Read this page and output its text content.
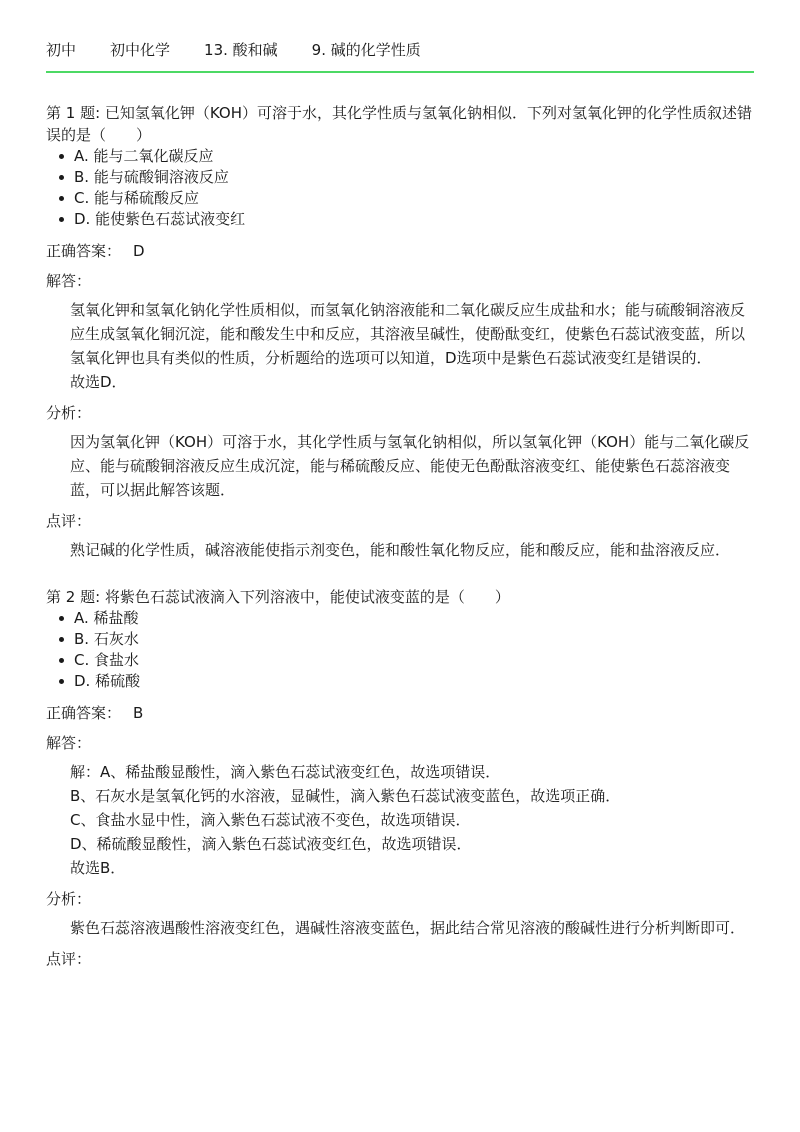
初中 初中化学 13. 酸和碱 9. 碱的化学性质
第 1 题: 已知氢氧化钾（KOH）可溶于水，其化学性质与氢氧化钠相似．下列对氢氧化钾的化学性质叙述错误的是（　　）
A. 能与二氧化碳反应
B. 能与硫酸铜溶液反应
C. 能与稀硫酸反应
D. 能使紫色石蕊试液变红
正确答案： D
解答：

氢氧化钾和氢氧化钠化学性质相似，而氢氧化钠溶液能和二氧化碳反应生成盐和水；能与硫酸铜溶液反应生成氢氧化铜沉淀，能和酸发生中和反应，其溶液呈碱性，使酚酞变红，使紫色石蕊试液变蓝，所以氢氧化钾也具有类似的性质，分析题给的选项可以知道，D选项中是紫色石蕊试液变红是错误的．

故选D．

分析：

因为氢氧化钾（KOH）可溶于水，其化学性质与氢氧化钠相似，所以氢氧化钾（KOH）能与二氧化碳反应、能与硫酸铜溶液反应生成沉淀，能与稀硫酸反应、能使无色酚酞溶液变红、能使紫色石蕊溶液变蓝，可以据此解答该题．

点评：

熟记碱的化学性质，碱溶液能使指示剂变色，能和酸性氧化物反应，能和酸反应，能和盐溶液反应．

第 2 题: 将紫色石蕊试液滴入下列溶液中，能使试液变蓝的是（　　）
A. 稀盐酸
B. 石灰水
C. 食盐水
D. 稀硫酸
正确答案： B
解答：

解：A、稀盐酸显酸性，滴入紫色石蕊试液变红色，故选项错误．

B、石灰水是氢氧化钙的水溶液，显碱性，滴入紫色石蕊试液变蓝色，故选项正确．

C、食盐水显中性，滴入紫色石蕊试液不变色，故选项错误．

D、稀硫酸显酸性，滴入紫色石蕊试液变红色，故选项错误．

故选B．

分析：

紫色石蕊溶液遇酸性溶液变红色，遇碱性溶液变蓝色，据此结合常见溶液的酸碱性进行分析判断即可．

点评：
